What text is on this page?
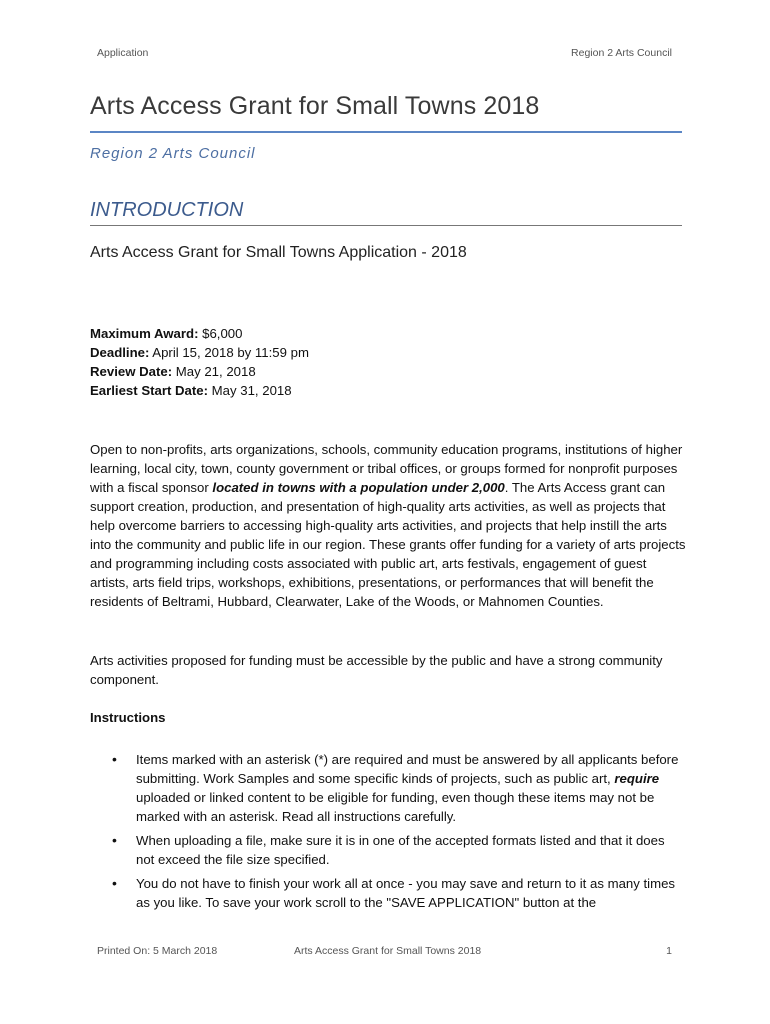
Application	Region 2 Arts Council
Arts Access Grant for Small Towns 2018
Region 2 Arts Council
INTRODUCTION
Arts Access Grant for Small Towns Application - 2018
Maximum Award: $6,000
Deadline: April 15, 2018 by 11:59 pm
Review Date: May 21, 2018
Earliest Start Date: May 31, 2018
Open to non-profits, arts organizations, schools, community education programs, institutions of higher learning, local city, town, county government or tribal offices, or groups formed for nonprofit purposes with a fiscal sponsor located in towns with a population under 2,000. The Arts Access grant can support creation, production, and presentation of high-quality arts activities, as well as projects that help overcome barriers to accessing high-quality arts activities, and projects that help instill the arts into the community and public life in our region. These grants offer funding for a variety of arts projects and programming including costs associated with public art, arts festivals, engagement of guest artists, arts field trips, workshops, exhibitions, presentations, or performances that will benefit the residents of Beltrami, Hubbard, Clearwater, Lake of the Woods, or Mahnomen Counties.
Arts activities proposed for funding must be accessible by the public and have a strong community component.
Instructions
• Items marked with an asterisk (*) are required and must be answered by all applicants before submitting. Work Samples and some specific kinds of projects, such as public art, require uploaded or linked content to be eligible for funding, even though these items may not be marked with an asterisk. Read all instructions carefully.
• When uploading a file, make sure it is in one of the accepted formats listed and that it does not exceed the file size specified.
• You do not have to finish your work all at once - you may save and return to it as many times as you like. To save your work scroll to the "SAVE APPLICATION" button at the
Printed On: 5 March 2018	Arts Access Grant for Small Towns 2018	1
